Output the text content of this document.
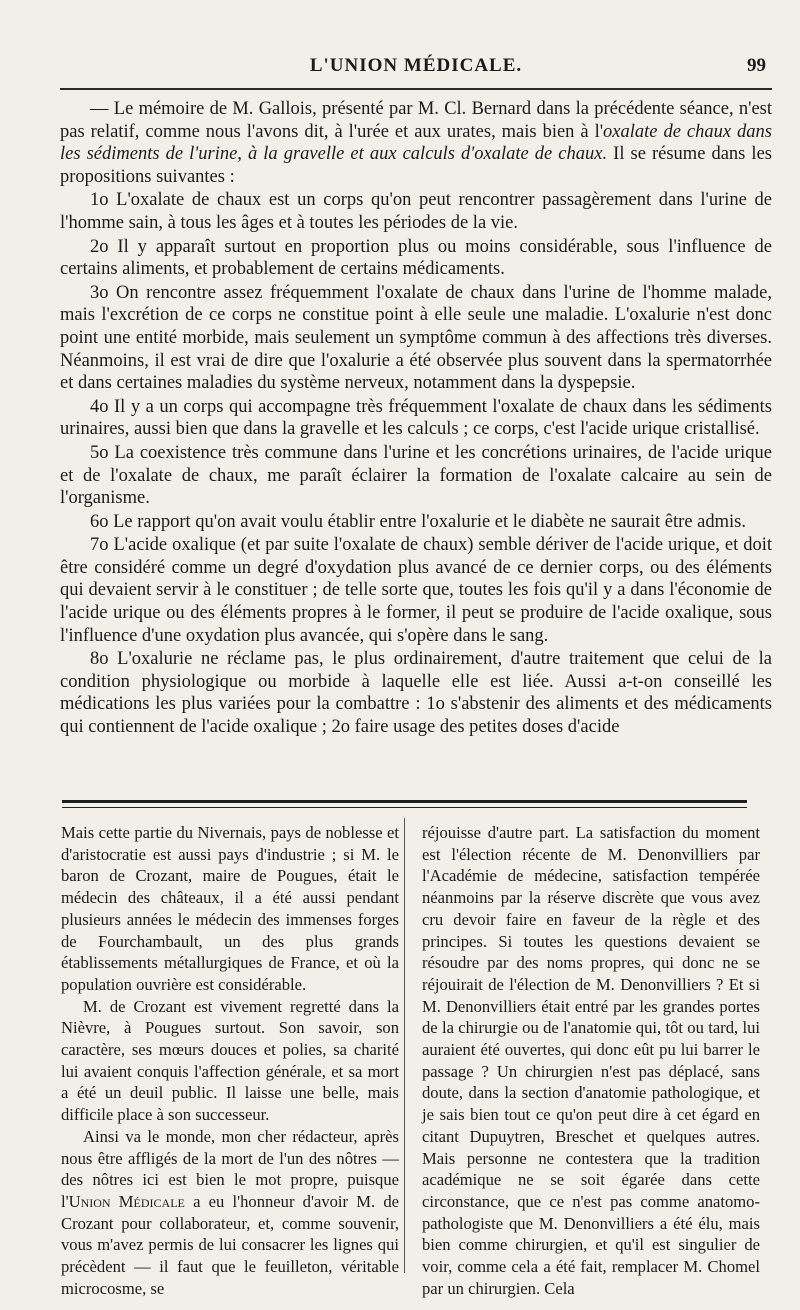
L'UNION MÉDICALE.	99

— Le mémoire de M. Gallois, présenté par M. Cl. Bernard dans la précédente séance, n'est pas relatif, comme nous l'avons dit, à l'urée et aux urates, mais bien à l'oxalate de chaux dans les sédiments de l'urine, à la gravelle et aux calculs d'oxalate de chaux. Il se résume dans les propositions suivantes :

1o L'oxalate de chaux est un corps qu'on peut rencontrer passagèrement dans l'urine de l'homme sain, à tous les âges et à toutes les périodes de la vie.

2o Il y apparaît surtout en proportion plus ou moins considérable, sous l'influence de certains aliments, et probablement de certains médicaments.

3o On rencontre assez fréquemment l'oxalate de chaux dans l'urine de l'homme malade, mais l'excrétion de ce corps ne constitue point à elle seule une maladie. L'oxalurie n'est donc point une entité morbide, mais seulement un symptôme commun à des affections très diverses. Néanmoins, il est vrai de dire que l'oxalurie a été observée plus souvent dans la spermatorrhée et dans certaines maladies du système nerveux, notamment dans la dyspepsie.

4o Il y a un corps qui accompagne très fréquemment l'oxalate de chaux dans les sédiments urinaires, aussi bien que dans la gravelle et les calculs ; ce corps, c'est l'acide urique cristallisé.

5o La coexistence très commune dans l'urine et les concrétions urinaires, de l'acide urique et de l'oxalate de chaux, me paraît éclairer la formation de l'oxalate calcaire au sein de l'organisme.

6o Le rapport qu'on avait voulu établir entre l'oxalurie et le diabète ne saurait être admis.

7o L'acide oxalique (et par suite l'oxalate de chaux) semble dériver de l'acide urique, et doit être considéré comme un degré d'oxydation plus avancé de ce dernier corps, ou des éléments qui devaient servir à le constituer ; de telle sorte que, toutes les fois qu'il y a dans l'économie de l'acide urique ou des éléments propres à le former, il peut se produire de l'acide oxalique, sous l'influence d'une oxydation plus avancée, qui s'opère dans le sang.

8o L'oxalurie ne réclame pas, le plus ordinairement, d'autre traitement que celui de la condition physiologique ou morbide à laquelle elle est liée. Aussi a-t-on conseillé les médications les plus variées pour la combattre : 1o s'abstenir des aliments et des médicaments qui contiennent de l'acide oxalique ; 2o faire usage des petites doses d'acide

Mais cette partie du Nivernais, pays de noblesse et d'aristocratie est aussi pays d'industrie ; si M. le baron de Crozant, maire de Pougues, était le médecin des châteaux, il a été aussi pendant plusieurs années le médecin des immenses forges de Fourchambault, un des plus grands établissements métallurgiques de France, et où la population ouvrière est considérable.

M. de Crozant est vivement regretté dans la Nièvre, à Pougues surtout. Son savoir, son caractère, ses mœurs douces et polies, sa charité lui avaient conquis l'affection générale, et sa mort a été un deuil public. Il laisse une belle, mais difficile place à son successeur.

Ainsi va le monde, mon cher rédacteur, après nous être affligés de la mort de l'un des nôtres — des nôtres ici est bien le mot propre, puisque l'Union Médicale a eu l'honneur d'avoir M. de Crozant pour collaborateur, et, comme souvenir, vous m'avez permis de lui consacrer les lignes qui précèdent — il faut que le feuilleton, véritable microcosme, se

réjouisse d'autre part. La satisfaction du moment est l'élection récente de M. Denonvilliers par l'Académie de médecine, satisfaction tempérée néanmoins par la réserve discrète que vous avez cru devoir faire en faveur de la règle et des principes. Si toutes les questions devaient se résoudre par des noms propres, qui donc ne se réjouirait de l'élection de M. Denonvilliers ? Et si M. Denonvilliers était entré par les grandes portes de la chirurgie ou de l'anatomie qui, tôt ou tard, lui auraient été ouvertes, qui donc eût pu lui barrer le passage ? Un chirurgien n'est pas déplacé, sans doute, dans la section d'anatomie pathologique, et je sais bien tout ce qu'on peut dire à cet égard en citant Dupuytren, Breschet et quelques autres. Mais personne ne contestera que la tradition académique ne se soit égarée dans cette circonstance, que ce n'est pas comme anatomo-pathologiste que M. Denonvilliers a été élu, mais bien comme chirurgien, et qu'il est singulier de voir, comme cela a été fait, remplacer M. Chomel par un chirurgien. Cela
